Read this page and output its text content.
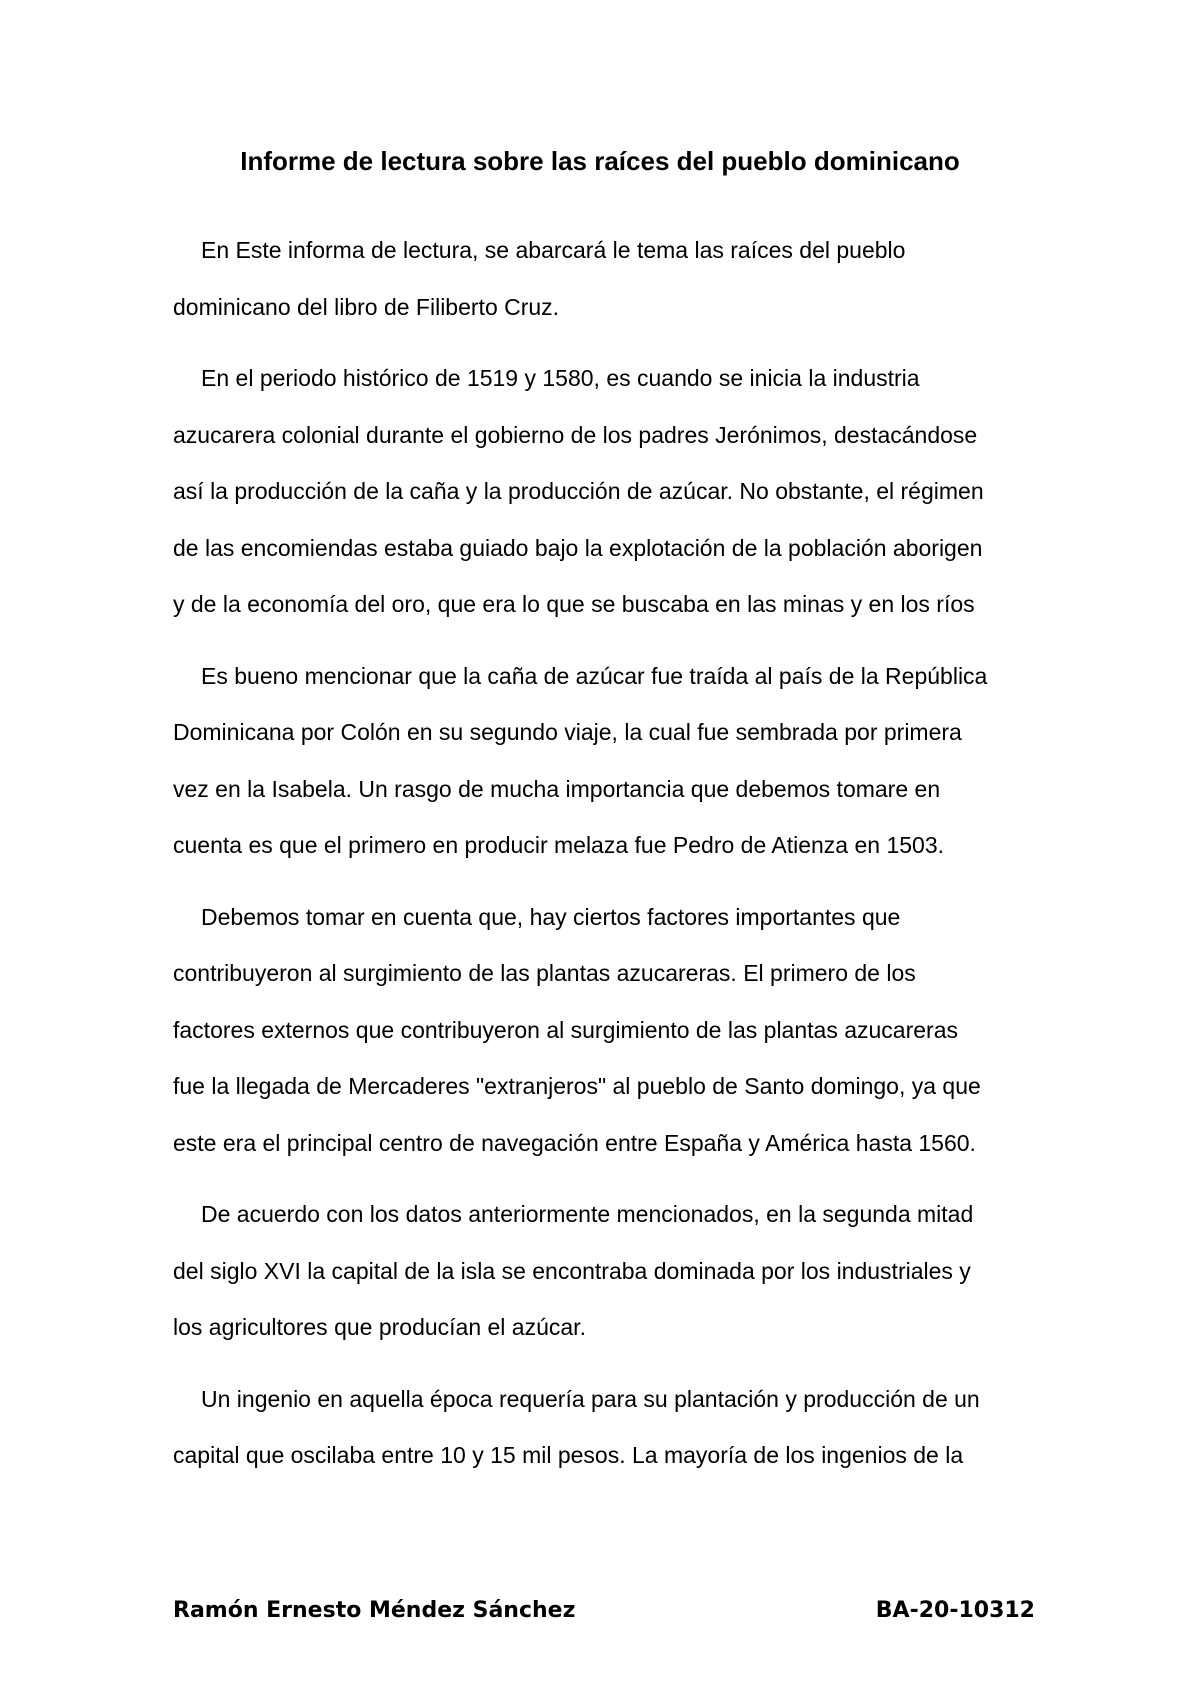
Informe de lectura sobre las raíces del pueblo dominicano

En Este informa de lectura, se abarcará le tema las raíces del pueblo
dominicano del libro de Filiberto Cruz.

En el periodo histórico de 1519 y 1580, es cuando se inicia la industria
azucarera colonial durante el gobierno de los padres Jerónimos, destacándose
así la producción de la caña y la producción de azúcar. No obstante, el régimen
de las encomiendas estaba guiado bajo la explotación de la población aborigen
y de la economía del oro, que era lo que se buscaba en las minas y en los ríos

Es bueno mencionar que la caña de azúcar fue traída al país de la República
Dominicana por Colón en su segundo viaje, la cual fue sembrada por primera
vez en la Isabela. Un rasgo de mucha importancia que debemos tomare en
cuenta es que el primero en producir melaza fue Pedro de Atienza en 1503.

Debemos tomar en cuenta que, hay ciertos factores importantes que
contribuyeron al surgimiento de las plantas azucareras. El primero de los
factores externos que contribuyeron al surgimiento de las plantas azucareras
fue la llegada de Mercaderes "extranjeros" al pueblo de Santo domingo, ya que
este era el principal centro de navegación entre España y América hasta 1560.

De acuerdo con los datos anteriormente mencionados, en la segunda mitad
del siglo XVI la capital de la isla se encontraba dominada por los industriales y
los agricultores que producían el azúcar.

Un ingenio en aquella época requería para su plantación y producción de un
capital que oscilaba entre 10 y 15 mil pesos. La mayoría de los ingenios de la

Ramón Ernesto Méndez Sánchez	BA-20-10312
